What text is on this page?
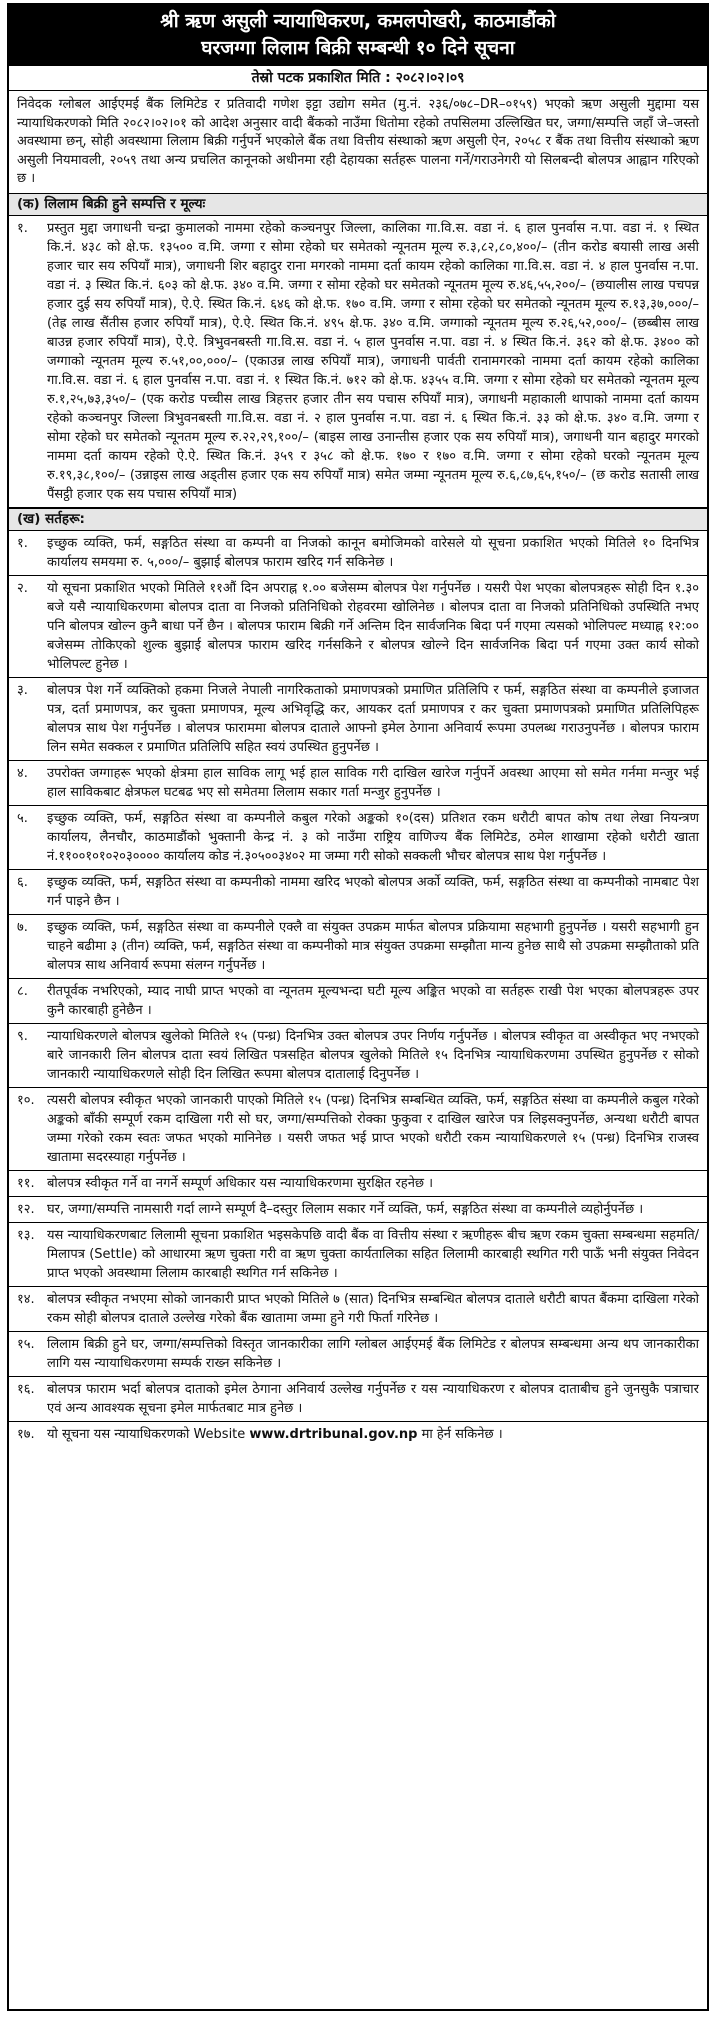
श्री ऋण असुली न्यायाधिकरण, कमलपोखरी, काठमाडौंको
घरजग्गा लिलाम बिक्री सम्बन्धी १० दिने सूचना
तेस्रो पटक प्रकाशित मिति : २०८२।०२।०९
निवेदक ग्लोबल आईएमई बैंक लिमिटेड र प्रतिवादी गणेश इट्टा उद्योग समेत (मु.नं. २३६/०७८–DR–०१५९) भएको ऋण असुली मुद्दामा यस न्यायाधिकरणको मिति २०८२।०२।०१ को आदेश अनुसार वादी बैंकको नाउँमा धितोमा रहेको तपसिलमा उल्लिखित घर, जग्गा/सम्पत्ति जहाँ जे–जस्तो अवस्थामा छन्, सोही अवस्थामा लिलाम बिक्री गर्नुपर्ने भएकोले बैंक तथा वित्तीय संस्थाको ऋण असुली ऐन, २०५८ र बैंक तथा वित्तीय संस्थाको ऋण असुली नियमावली, २०५९ तथा अन्य प्रचलित कानूनको अधीनमा रही देहायका सर्तहरू पालना गर्ने/गराउनेगरी यो सिलबन्दी बोलपत्र आह्वान गरिएको छ ।
(क) लिलाम बिक्री हुने सम्पत्ति र मूल्यः
१.	प्रस्तुत मुद्दा जगाधनी चन्द्रा कुमालको नाममा रहेको कञ्चनपुर जिल्ला, कालिका गा.वि.स. वडा नं. ६ हाल पुनर्वास न.पा. वडा नं. १ स्थित कि.नं. ४३८ को क्षे.फ. १३५०० व.मि. जग्गा र सोमा रहेको घर समेतको न्यूनतम मूल्य रु.३,८२,८०,४००/– (तीन करोड बयासी लाख असी हजार चार सय रुपियाँ मात्र), जगाधनी शिर बहादुर राना मगरको नाममा दर्ता कायम रहेको कालिका गा.वि.स. वडा नं. ४ हाल पुनर्वास न.पा. वडा नं. ३ स्थित कि.नं. ६०३ को क्षे.फ. ३४० व.मि. जग्गा र सोमा रहेको घर समेतको न्यूनतम मूल्य रु.४६,५५,२००/– (छयालीस लाख पचपन्न हजार दुई सय रुपियाँ मात्र), ऐ.ऐ. स्थित कि.नं. ६४६ को क्षे.फ. १७० व.मि. जग्गा र सोमा रहेको घर समेतको न्यूनतम मूल्य रु.१३,३७,०००/– (तेह्र लाख सैंतीस हजार रुपियाँ मात्र), ऐ.ऐ. स्थित कि.नं. ४९५ क्षे.फ. ३४० व.मि. जग्गाको न्यूनतम मूल्य रु.२६,५२,०००/– (छब्बीस लाख बाउन्न हजार रुपियाँ मात्र), ऐ.ऐ. त्रिभुवनबस्ती गा.वि.स. वडा नं. ५ हाल पुनर्वास न.पा. वडा नं. ४ स्थित कि.नं. ३६२ को क्षे.फ. ३४०० को जग्गाको न्यूनतम मूल्य रु.५१,००,०००/– (एकाउन्न लाख रुपियाँ मात्र), जगाधनी पार्वती रानामगरको नाममा दर्ता कायम रहेको कालिका गा.वि.स. वडा नं. ६ हाल पुनर्वास न.पा. वडा नं. १ स्थित कि.नं. ७१२ को क्षे.फ. ४३५५ व.मि. जग्गा र सोमा रहेको घर समेतको न्यूनतम मूल्य रु.१,२५,७३,३५०/– (एक करोड पच्चीस लाख त्रिहत्तर हजार तीन सय पचास रुपियाँ मात्र), जगाधनी महाकाली थापाको नाममा दर्ता कायम रहेको कञ्चनपुर जिल्ला त्रिभुवनबस्ती गा.वि.स. वडा नं. २ हाल पुनर्वास न.पा. वडा नं. ६ स्थित कि.नं. ३३ को क्षे.फ. ३४० व.मि. जग्गा र सोमा रहेको घर समेतको न्यूनतम मूल्य रु.२२,२९,१००/– (बाइस लाख उनान्तीस हजार एक सय रुपियाँ मात्र), जगाधनी यान बहादुर मगरको नाममा दर्ता कायम रहेको ऐ.ऐ. स्थित कि.नं. ३५९ र ३५८ को क्षे.फ. १७० र १७० व.मि. जग्गा र सोमा रहेको घरको न्यूनतम मूल्य रु.१९,३८,१००/– (उन्नाइस लाख अड्तीस हजार एक सय रुपियाँ मात्र) समेत जम्मा न्यूनतम मूल्य रु.६,८७,६५,१५०/– (छ करोड सतासी लाख पैंसट्ठी हजार एक सय पचास रुपियाँ मात्र)
(ख) सर्तहरू:
१.	इच्छुक व्यक्ति, फर्म, सङ्गठित संस्था वा कम्पनी वा निजको कानून बमोजिमको वारेसले यो सूचना प्रकाशित भएको मितिले १० दिनभित्र कार्यालय समयमा रु. ५,०००/– बुझाई बोलपत्र फाराम खरिद गर्न सकिनेछ ।
२.	यो सूचना प्रकाशित भएको मितिले ११औं दिन अपराह्न १.०० बजेसम्म बोलपत्र पेश गर्नुपर्नेछ । यसरी पेश भएका बोलपत्रहरू सोही दिन १.३० बजे यसै न्यायाधिकरणमा बोलपत्र दाता वा निजको प्रतिनिधिको रोहवरमा खोलिनेछ । बोलपत्र दाता वा निजको प्रतिनिधिको उपस्थिति नभए पनि बोलपत्र खोल्न कुनै बाधा पर्ने छैन । बोलपत्र फाराम बिक्री गर्ने अन्तिम दिन सार्वजनिक बिदा पर्न गएमा त्यसको भोलिपल्ट मध्याह्न १२:०० बजेसम्म तोकिएको शुल्क बुझाई बोलपत्र फाराम खरिद गर्नसकिने र बोलपत्र खोल्ने दिन सार्वजनिक बिदा पर्न गएमा उक्त कार्य सोको भोलिपल्ट हुनेछ ।
३.	बोलपत्र पेश गर्ने व्यक्तिको हकमा निजले नेपाली नागरिकताको प्रमाणपत्रको प्रमाणित प्रतिलिपि र फर्म, सङ्गठित संस्था वा कम्पनीले इजाजत पत्र, दर्ता प्रमाणपत्र, कर चुक्ता प्रमाणपत्र, मूल्य अभिवृद्धि कर, आयकर दर्ता प्रमाणपत्र र कर चुक्ता प्रमाणपत्रको प्रमाणित प्रतिलिपिहरू बोलपत्र साथ पेश गर्नुपर्नेछ । बोलपत्र फाराममा बोलपत्र दाताले आफ्नो इमेल ठेगाना अनिवार्य रूपमा उपलब्ध गराउनुपर्नेछ । बोलपत्र फाराम लिन समेत सक्कल र प्रमाणित प्रतिलिपि सहित स्वयं उपस्थित हुनुपर्नेछ ।
४.	उपरोक्त जग्गाहरू भएको क्षेत्रमा हाल साविक लागू भई हाल साविक गरी दाखिल खारेज गर्नुपर्ने अवस्था आएमा सो समेत गर्नमा मन्जुर भई हाल साविकबाट क्षेत्रफल घटबढ भए सो समेतमा लिलाम सकार गर्ता मन्जुर हुनुपर्नेछ ।
५.	इच्छुक व्यक्ति, फर्म, सङ्गठित संस्था वा कम्पनीले कबुल गरेको अङ्कको १०(दस) प्रतिशत रकम धरौटी बापत कोष तथा लेखा नियन्त्रण कार्यालय, लैनचौर, काठमाडौंको भुक्तानी केन्द्र नं. ३ को नाउँमा राष्ट्रिय वाणिज्य बैंक लिमिटेड, ठमेल शाखामा रहेको धरौटी खाता नं.११००१०१०२०३०००० कार्यालय कोड नं.३०५००३४०२ मा जम्मा गरी सोको सक्कली भौचर बोलपत्र साथ पेश गर्नुपर्नेछ ।
६.	इच्छुक व्यक्ति, फर्म, सङ्गठित संस्था वा कम्पनीको नाममा खरिद भएको बोलपत्र अर्को व्यक्ति, फर्म, सङ्गठित संस्था वा कम्पनीको नामबाट पेश गर्न पाइने छैन ।
७.	इच्छुक व्यक्ति, फर्म, सङ्गठित संस्था वा कम्पनीले एक्लै वा संयुक्त उपक्रम मार्फत बोलपत्र प्रक्रियामा सहभागी हुनुपर्नेछ । यसरी सहभागी हुन चाहने बढीमा ३ (तीन) व्यक्ति, फर्म, सङ्गठित संस्था वा कम्पनीको मात्र संयुक्त उपक्रमा सम्झौता मान्य हुनेछ साथै सो उपक्रमा सम्झौताको प्रति बोलपत्र साथ अनिवार्य रूपमा संलग्न गर्नुपर्नेछ ।
८.	रीतपूर्वक नभरिएको, म्याद नाघी प्राप्त भएको वा न्यूनतम मूल्यभन्दा घटी मूल्य अङ्कित भएको वा सर्तहरू राखी पेश भएका बोलपत्रहरू उपर कुनै कारबाही हुनेछैन ।
९.	न्यायाधिकरणले बोलपत्र खुलेको मितिले १५ (पन्ध्र) दिनभित्र उक्त बोलपत्र उपर निर्णय गर्नुपर्नेछ । बोलपत्र स्वीकृत वा अस्वीकृत भए नभएको बारे जानकारी लिन बोलपत्र दाता स्वयं लिखित पत्रसहित बोलपत्र खुलेको मितिले १५ दिनभित्र न्यायाधिकरणमा उपस्थित हुनुपर्नेछ र सोको जानकारी न्यायाधिकरणले सोही दिन लिखित रूपमा बोलपत्र दातालाई दिनुपर्नेछ ।
१०. त्यसरी बोलपत्र स्वीकृत भएको जानकारी पाएको मितिले १५ (पन्ध्र) दिनभित्र सम्बन्धित व्यक्ति, फर्म, सङ्गठित संस्था वा कम्पनीले कबुल गरेको अङ्कको बाँकी सम्पूर्ण रकम दाखिला गरी सो घर, जग्गा/सम्पत्तिको रोक्का फुकुवा र दाखिल खारेज पत्र लिइसक्नुपर्नेछ, अन्यथा धरौटी बापत जम्मा गरेको रकम स्वतः जफत भएको मानिनेछ । यसरी जफत भई प्राप्त भएको धरौटी रकम न्यायाधिकरणले १५ (पन्ध्र) दिनभित्र राजस्व खातामा सदरस्याहा गर्नुपर्नेछ ।
११. बोलपत्र स्वीकृत गर्ने वा नगर्ने सम्पूर्ण अधिकार यस न्यायाधिकरणमा सुरक्षित रहनेछ ।
१२. घर, जग्गा/सम्पत्ति नामसारी गर्दा लाग्ने सम्पूर्ण दै–दस्तुर लिलाम सकार गर्ने व्यक्ति, फर्म, सङ्गठित संस्था वा कम्पनीले व्यहोर्नुपर्नेछ ।
१३. यस न्यायाधिकरणबाट लिलामी सूचना प्रकाशित भइसकेपछि वादी बैंक वा वित्तीय संस्था र ऋणीहरू बीच ऋण रकम चुक्ता सम्बन्धमा सहमति/मिलापत्र (Settle) को आधारमा ऋण चुक्ता गरी वा ऋण चुक्ता कार्यतालिका सहित लिलामी कारबाही स्थगित गरी पाऊँ भनी संयुक्त निवेदन प्राप्त भएको अवस्थामा लिलाम कारबाही स्थगित गर्न सकिनेछ ।
१४. बोलपत्र स्वीकृत नभएमा सोको जानकारी प्राप्त भएको मितिले ७ (सात) दिनभित्र सम्बन्धित बोलपत्र दाताले धरौटी बापत बैंकमा दाखिला गरेको रकम सोही बोलपत्र दाताले उल्लेख गरेको बैंक खातामा जम्मा हुने गरी फिर्ता गरिनेछ ।
१५. लिलाम बिक्री हुने घर, जग्गा/सम्पत्तिको विस्तृत जानकारीका लागि ग्लोबल आईएमई बैंक लिमिटेड र बोलपत्र सम्बन्धमा अन्य थप जानकारीका लागि यस न्यायाधिकरणमा सम्पर्क राख्न सकिनेछ ।
१६. बोलपत्र फाराम भर्दा बोलपत्र दाताको इमेल ठेगाना अनिवार्य उल्लेख गर्नुपर्नेछ र यस न्यायाधिकरण र बोलपत्र दाताबीच हुने जुनसुकै पत्राचार एवं अन्य आवश्यक सूचना इमेल मार्फतबाट मात्र हुनेछ ।
१७. यो सूचना यस न्यायाधिकरणको Website www.drtribunal.gov.np मा हेर्न सकिनेछ ।
